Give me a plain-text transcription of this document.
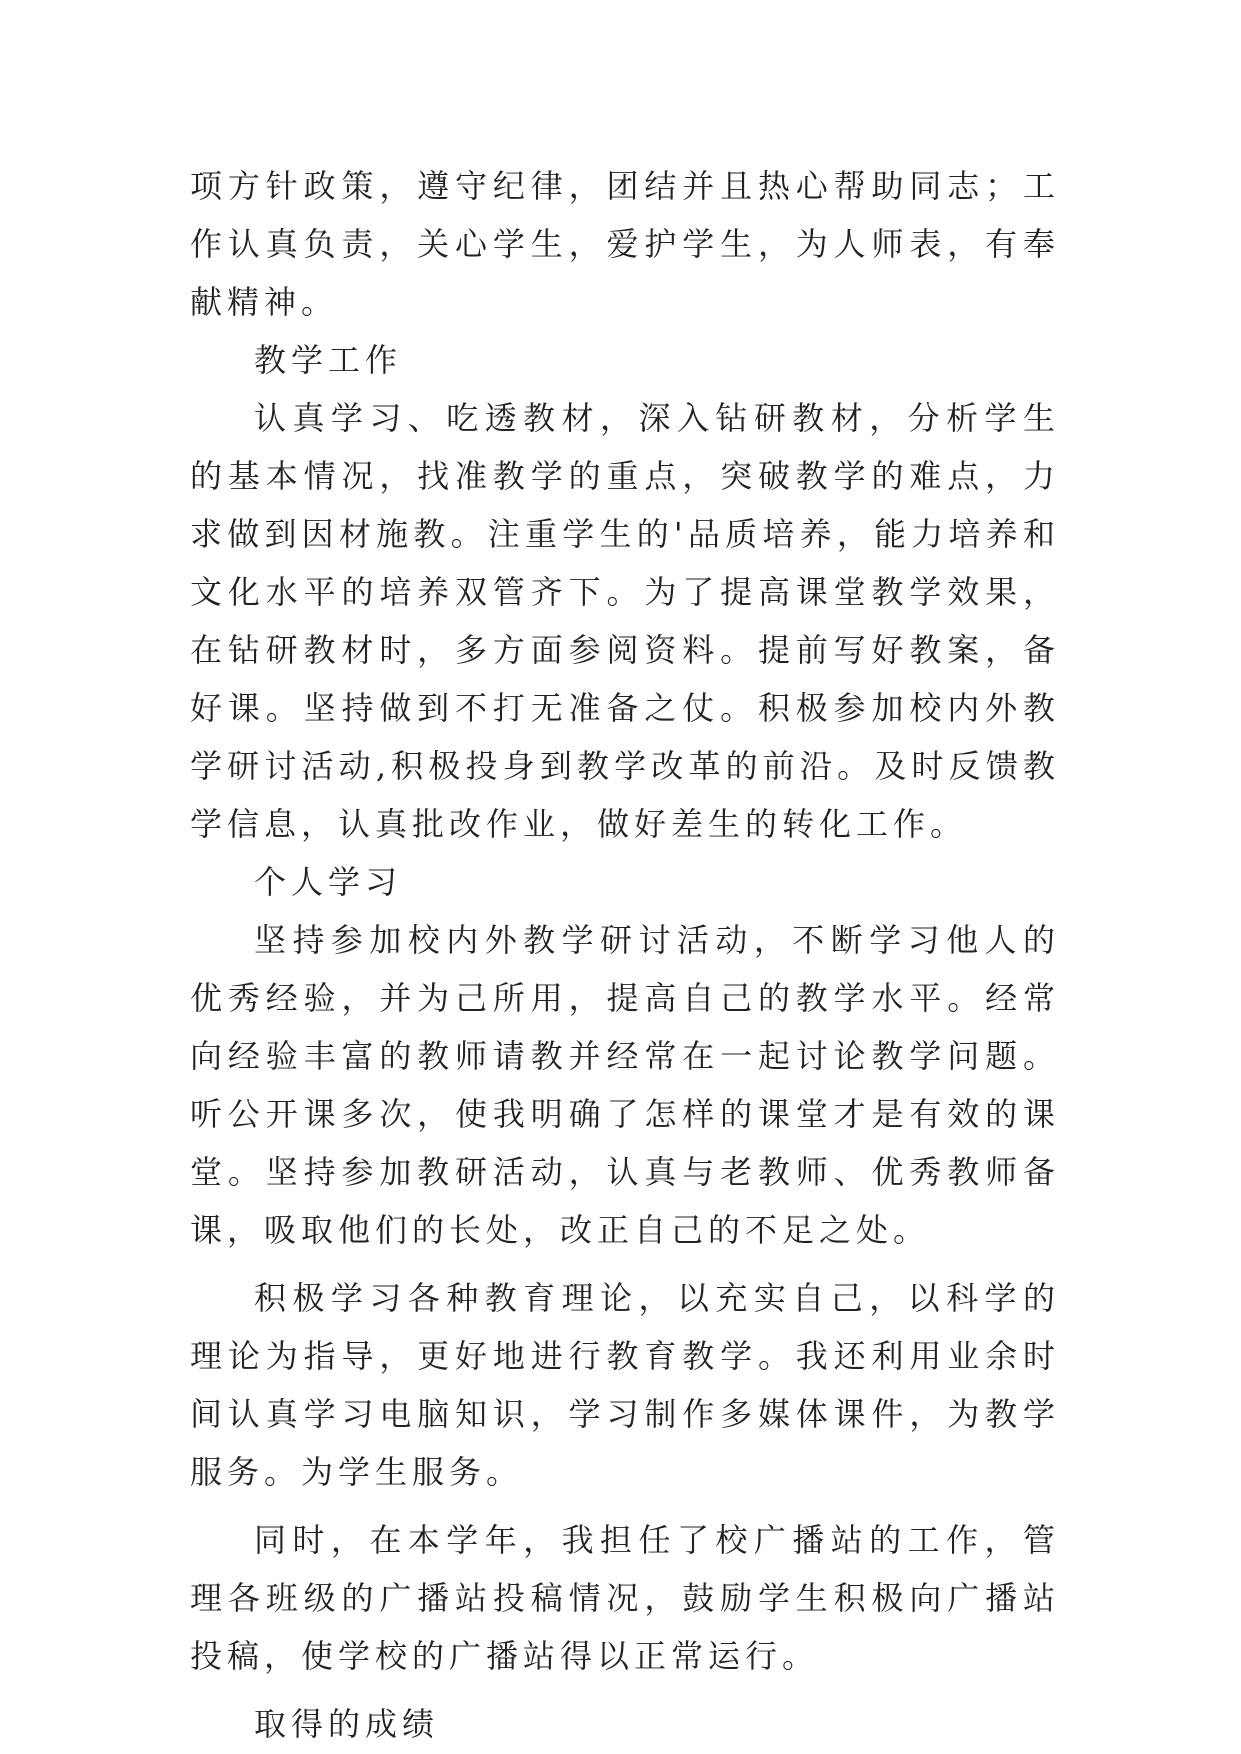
项方针政策，遵守纪律，团结并且热心帮助同志；工作认真负责，关心学生，爱护学生，为人师表，有奉献精神。

教学工作

认真学习、吃透教材，深入钻研教材，分析学生的基本情况，找准教学的重点，突破教学的难点，力求做到因材施教。注重学生的'品质培养，能力培养和文化水平的培养双管齐下。为了提高课堂教学效果，在钻研教材时，多方面参阅资料。提前写好教案，备好课。坚持做到不打无准备之仗。积极参加校内外教学研讨活动,积极投身到教学改革的前沿。及时反馈教学信息，认真批改作业，做好差生的转化工作。

个人学习

坚持参加校内外教学研讨活动，不断学习他人的优秀经验，并为己所用，提高自己的教学水平。经常向经验丰富的教师请教并经常在一起讨论教学问题。听公开课多次，使我明确了怎样的课堂才是有效的课堂。坚持参加教研活动，认真与老教师、优秀教师备课，吸取他们的长处，改正自己的不足之处。

积极学习各种教育理论，以充实自己，以科学的理论为指导，更好地进行教育教学。我还利用业余时间认真学习电脑知识，学习制作多媒体课件，为教学服务。为学生服务。

同时，在本学年，我担任了校广播站的工作，管理各班级的广播站投稿情况，鼓励学生积极向广播站投稿，使学校的广播站得以正常运行。

取得的成绩
